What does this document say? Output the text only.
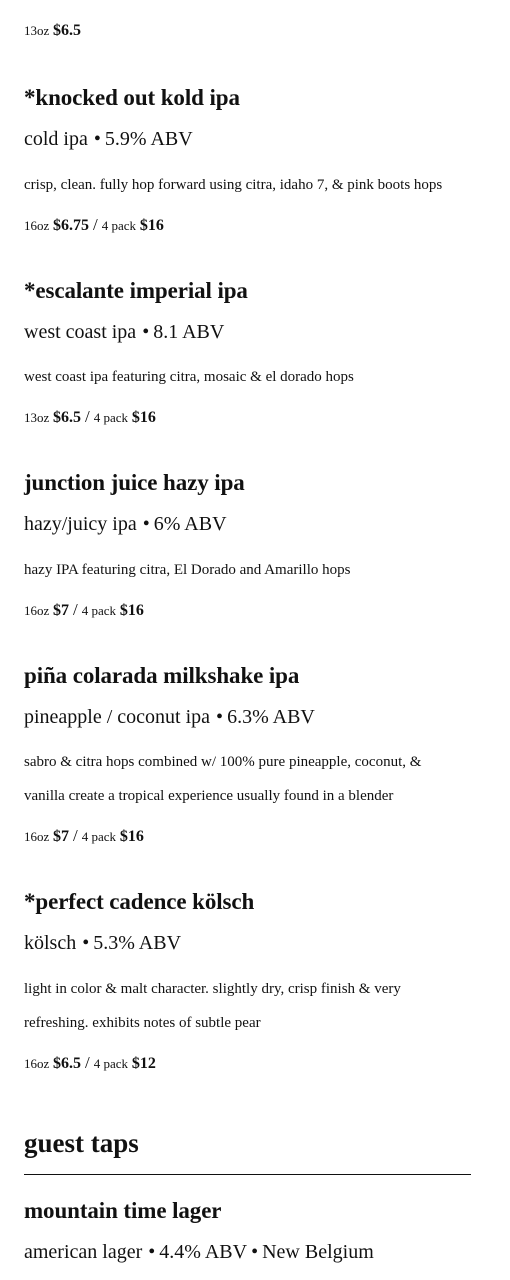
13oz $6.5
*knocked out kold ipa
cold ipa • 5.9% ABV
crisp, clean. fully hop forward using citra, idaho 7, & pink boots hops
16oz $6.75 / 4 pack $16
*escalante imperial ipa
west coast ipa • 8.1 ABV
west coast ipa featuring citra, mosaic & el dorado hops
13oz $6.5 / 4 pack $16
junction juice hazy ipa
hazy/juicy ipa • 6% ABV
hazy IPA featuring citra, El Dorado and Amarillo hops
16oz $7 / 4 pack $16
piña colarada milkshake ipa
pineapple / coconut ipa • 6.3% ABV
sabro & citra hops combined w/ 100% pure pineapple, coconut, & vanilla create a tropical experience usually found in a blender
16oz $7 / 4 pack $16
*perfect cadence kölsch
kölsch • 5.3% ABV
light in color & malt character. slightly dry, crisp finish & very refreshing. exhibits notes of subtle pear
16oz $6.5 / 4 pack $12
guest taps
mountain time lager
american lager • 4.4% ABV • New Belgium
